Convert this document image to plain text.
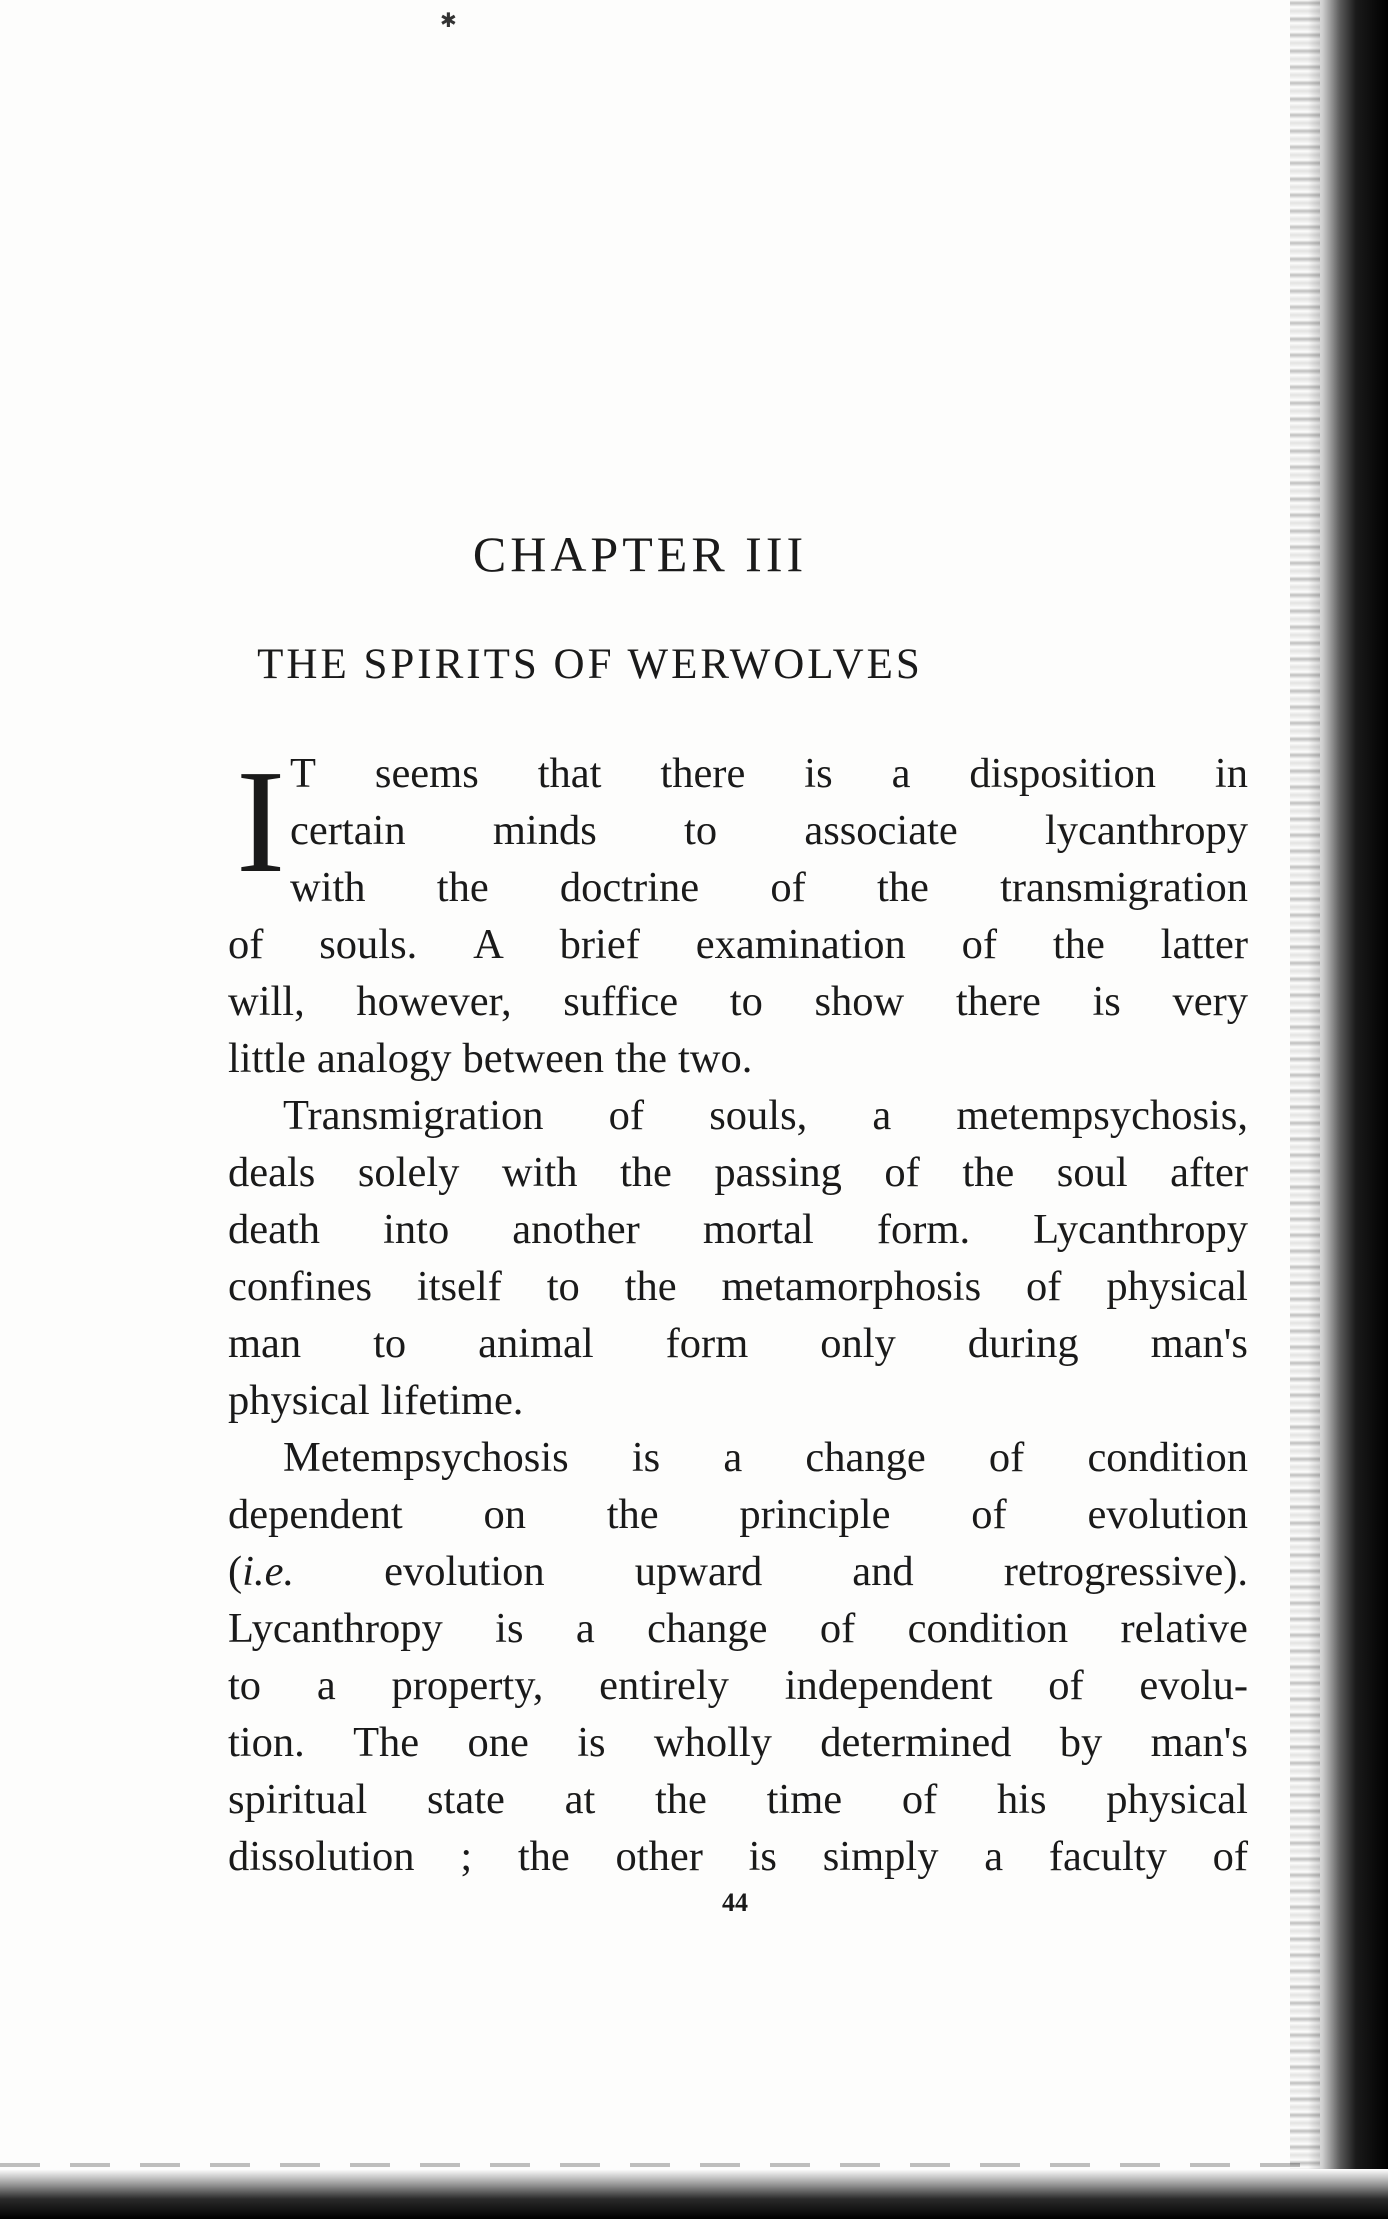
✱
CHAPTER III
THE SPIRITS OF WERWOLVES
I T seems that there is a disposition in
certain minds to associate lycanthropy
with the doctrine of the transmigration
of souls. A brief examination of the latter
will, however, suffice to show there is very
little analogy between the two.
Transmigration of souls, a metempsychosis,
deals solely with the passing of the soul after
death into another mortal form. Lycanthropy
confines itself to the metamorphosis of physical
man to animal form only during man's
physical lifetime.
Metempsychosis is a change of condition
dependent on the principle of evolution
(i.e. evolution upward and retrogressive).
Lycanthropy is a change of condition relative
to a property, entirely independent of evolu-
tion. The one is wholly determined by man's
spiritual state at the time of his physical
dissolution ; the other is simply a faculty of
44
